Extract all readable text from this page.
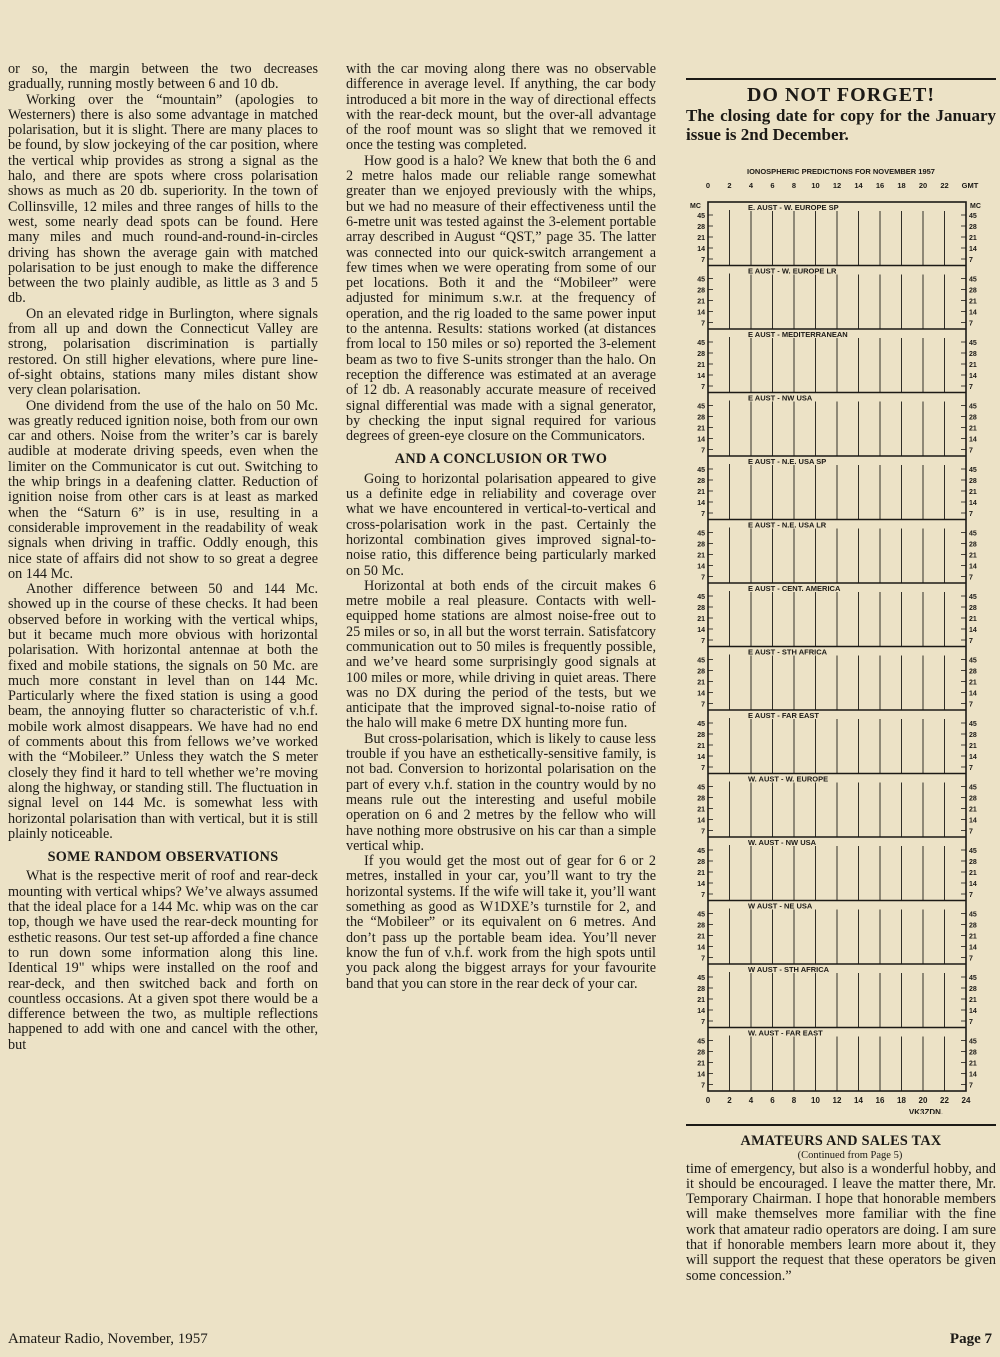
or so, the margin between the two decreases gradually, running mostly between 6 and 10 db.

Working over the “mountain” (apologies to Westerners) there is also some advantage in matched polarisation, but it is slight. There are many places to be found, by slow jockeying of the car position, where the vertical whip provides as strong a signal as the halo, and there are spots where cross polarisation shows as much as 20 db. superiority. In the town of Collinsville, 12 miles and three ranges of hills to the west, some nearly dead spots can be found. Here many miles and much round-and-round-in-circles driving has shown the average gain with matched polarisation to be just enough to make the difference between the two plainly audible, as little as 3 and 5 db.

On an elevated ridge in Burlington, where signals from all up and down the Connecticut Valley are strong, polarisation discrimination is partially restored. On still higher elevations, where pure line-of-sight obtains, stations many miles distant show very clean polarisation.

One dividend from the use of the halo on 50 Mc. was greatly reduced ignition noise, both from our own car and others. Noise from the writer’s car is barely audible at moderate driving speeds, even when the limiter on the Communicator is cut out. Switching to the whip brings in a deafening clatter. Reduction of ignition noise from other cars is at least as marked when the “Saturn 6” is in use, resulting in a considerable improvement in the readability of weak signals when driving in traffic. Oddly enough, this nice state of affairs did not show to so great a degree on 144 Mc.

Another difference between 50 and 144 Mc. showed up in the course of these checks. It had been observed before in working with the vertical whips, but it became much more obvious with horizontal polarisation. With horizontal antennae at both the fixed and mobile stations, the signals on 50 Mc. are much more constant in level than on 144 Mc. Particularly where the fixed station is using a good beam, the annoying flutter so characteristic of v.h.f. mobile work almost disappears. We have had no end of comments about this from fellows we’ve worked with the “Mobileer.” Unless they watch the S meter closely they find it hard to tell whether we’re moving along the highway, or standing still. The fluctuation in signal level on 144 Mc. is somewhat less with horizontal polarisation than with vertical, but it is still plainly noticeable.

SOME RANDOM OBSERVATIONS

What is the respective merit of roof and rear-deck mounting with vertical whips? We’ve always assumed that the ideal place for a 144 Mc. whip was on the car top, though we have used the rear-deck mounting for esthetic reasons. Our test set-up afforded a fine chance to run down some information along this line. Identical 19" whips were installed on the roof and rear-deck, and then switched back and forth on countless occasions. At a given spot there would be a difference between the two, as multiple reflections happened to add with one and cancel with the other, but

with the car moving along there was no observable difference in average level. If anything, the car body introduced a bit more in the way of directional effects with the rear-deck mount, but the over-all advantage of the roof mount was so slight that we removed it once the testing was completed.

How good is a halo? We knew that both the 6 and 2 metre halos made our reliable range somewhat greater than we enjoyed previously with the whips, but we had no measure of their effectiveness until the 6-metre unit was tested against the 3-element portable array described in August “QST,” page 35. The latter was connected into our quick-switch arrangement a few times when we were operating from some of our pet locations. Both it and the “Mobileer” were adjusted for minimum s.w.r. at the frequency of operation, and the rig loaded to the same power input to the antenna. Results: stations worked (at distances from local to 150 miles or so) reported the 3-element beam as two to five S-units stronger than the halo. On reception the difference was estimated at an average of 12 db. A reasonably accurate measure of received signal differential was made with a signal generator, by checking the input signal required for various degrees of green-eye closure on the Communicators.

AND A CONCLUSION OR TWO

Going to horizontal polarisation appeared to give us a definite edge in reliability and coverage over what we have encountered in vertical-to-vertical and cross-polarisation work in the past. Certainly the horizontal combination gives improved signal-to-noise ratio, this difference being particularly marked on 50 Mc.

Horizontal at both ends of the circuit makes 6 metre mobile a real pleasure. Contacts with well-equipped home stations are almost noise-free out to 25 miles or so, in all but the worst terrain. Satisfatcory communication out to 50 miles is frequently possible, and we’ve heard some surprisingly good signals at 100 miles or more, while driving in quiet areas. There was no DX during the period of the tests, but we anticipate that the improved signal-to-noise ratio of the halo will make 6 metre DX hunting more fun.

But cross-polarisation, which is likely to cause less trouble if you have an esthetically-sensitive family, is not bad. Conversion to horizontal polarisation on the part of every v.h.f. station in the country would by no means rule out the interesting and useful mobile operation on 6 and 2 metres by the fellow who will have nothing more obstrusive on his car than a simple vertical whip.

If you would get the most out of gear for 6 or 2 metres, installed in your car, you’ll want to try the horizontal systems. If the wife will take it, you’ll want something as good as W1DXE’s turnstile for 2, and the “Mobileer” or its equivalent on 6 metres. And don’t pass up the portable beam idea. You’ll never know the fun of v.h.f. work from the high spots until you pack along the biggest arrays for your favourite band that you can store in the rear deck of your car.

DO NOT FORGET!
The closing date for copy for the January issue is 2nd December.
IONOSPHERIC PREDICTIONS FOR NOVEMBER 1957
0 2 4 6 8 10 12 14 16 18 20 22 GMT
MC	MC
E. AUST - W. EUROPE SP
45	45
28	28
21	21
14	14
7	7
E AUST - W. EUROPE LR
45	45
28	28
21	21
14	14
7	7
E AUST - MEDITERRANEAN
45	45
28	28
21	21
14	14
7	7
E AUST - NW USA
45	45
28	28
21	21
14	14
7	7
E AUST - N.E. USA SP
45	45
28	28
21	21
14	14
7	7
E AUST - N.E. USA LR
45	45
28	28
21	21
14	14
7	7
E AUST - CENT. AMERICA
45	45
28	28
21	21
14	14
7	7
E AUST - STH AFRICA
45	45
28	28
21	21
14	14
7	7
E AUST - FAR EAST
45	45
28	28
21	21
14	14
7	7
W. AUST - W. EUROPE
45	45
28	28
21	21
14	14
7	7
W. AUST - NW USA
45	45
28	28
21	21
14	14
7	7
W AUST - NE USA
45	45
28	28
21	21
14	14
7	7
W AUST - STH AFRICA
45	45
28	28
21	21
14	14
7	7
W. AUST - FAR EAST
45	45
28	28
21	21
14	14
7	7
0 2 4 6 8 10 12 14 16 18 20 22 24
VK3ZDN.
AMATEURS AND SALES TAX

(Continued from Page 5)

time of emergency, but also is a wonderful hobby, and it should be encouraged. I leave the matter there, Mr. Temporary Chairman. I hope that honorable members will make themselves more familiar with the fine work that amateur radio operators are doing. I am sure that if honorable members learn more about it, they will support the request that these operators be given some concession.”

Amateur Radio, November, 1957	Page 7
